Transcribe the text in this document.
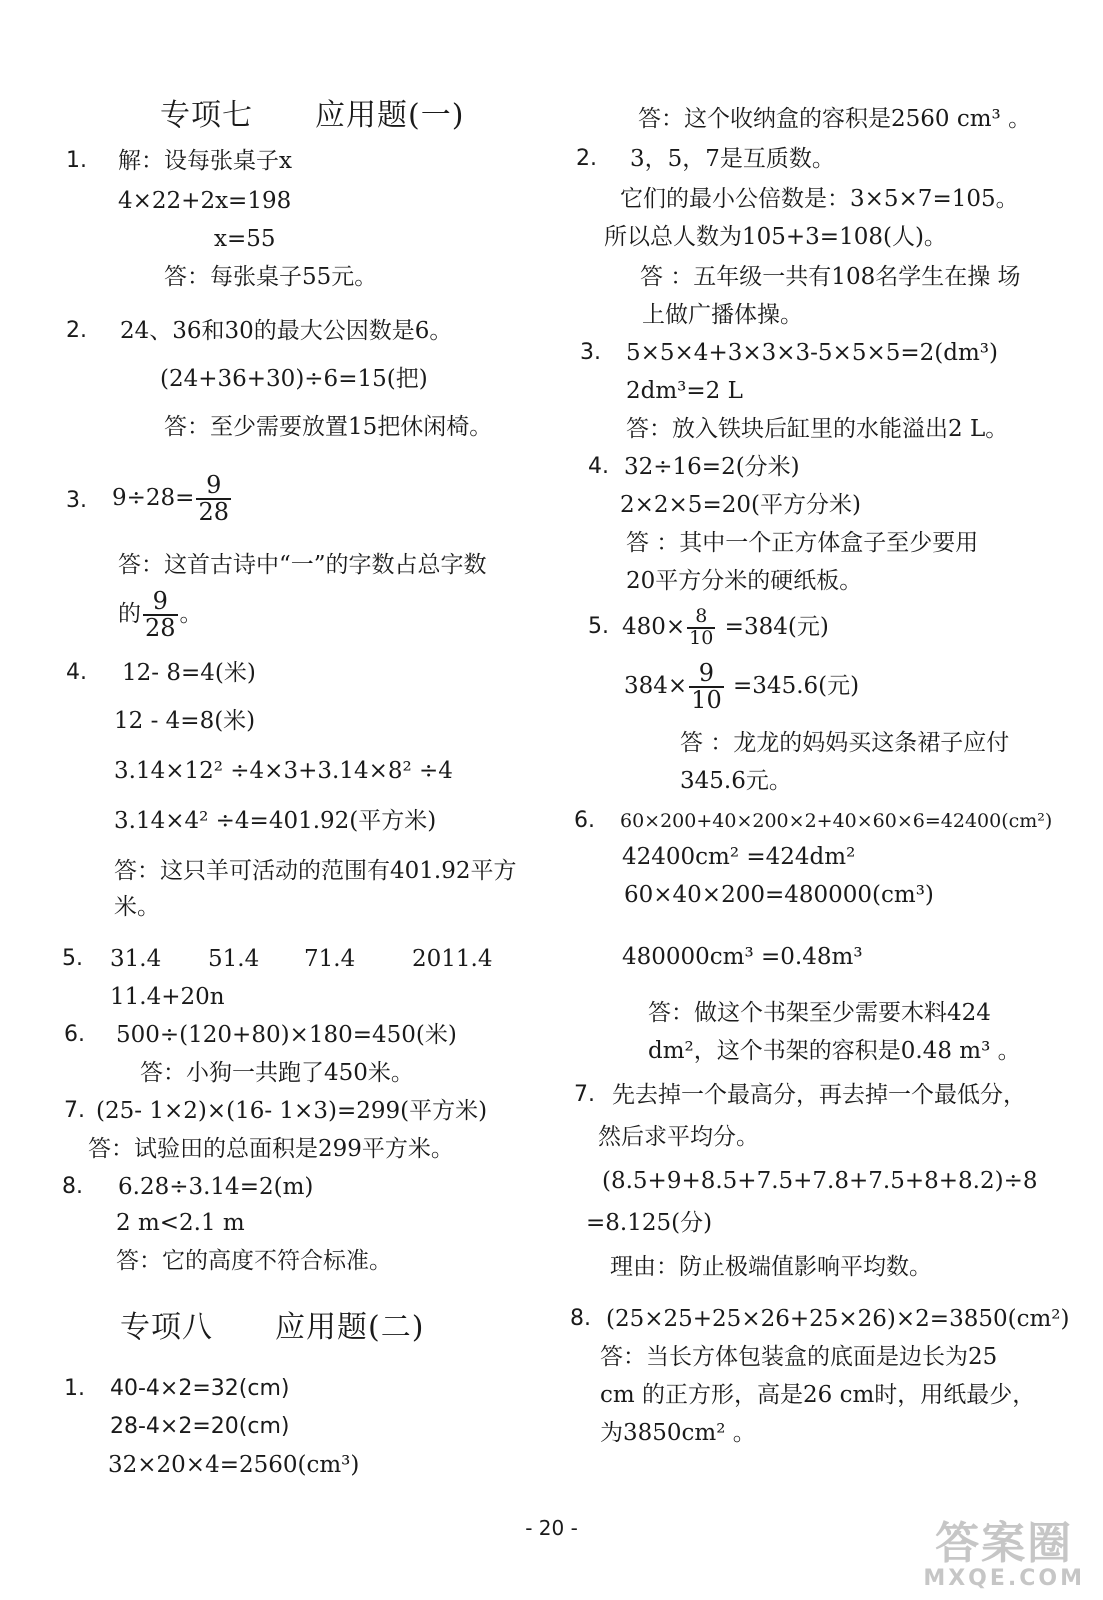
专项七　　应用题(一)
1. 解：设每张桌子x
4×22+2x=198
x=55
答：每张桌子55元。
2. 24、36和30的最大公因数是6。
(24+36+30)÷6=15(把)
答：至少需要放置15把休闲椅。
3. $9\div 28= \frac{9}{28}$
答：这首古诗中“一”的字数占总字数
的 $\frac{9}{28}$ 。
4. 12- 8=4(米)
12 - 4=8(米)
3.14×12² ÷4×3+3.14×8² ÷4
3.14×4² ÷4=401.92(平方米)
答：这只羊可活动的范围有401.92平方
米。
5. 31.4 51.4 71.4 2011.4
11.4+20n
6. 500÷(120+80)×180=450(米)
答：小狗一共跑了450米。
7. (25- 1×2)×(16- 1×3)=299(平方米)
答：试验田的总面积是299平方米。
8. 6.28÷3.14=2(m)
2 m<2.1 m
答：它的高度不符合标准。
专项八　　应用题(二)
1. 40-4×2=32(cm)
28-4×2=20(cm)
32×20×4=2560(cm³)
答：这个收纳盒的容积是2560 cm³ 。
2. 3，5，7是互质数。
它们的最小公倍数是：3×5×7=105。
所以总人数为105+3=108(人)。
答 ：五年级一共有108名学生在操 场
上做广播体操。
3. 5×5×4+3×3×3-5×5×5=2(dm³)
2dm³=2 L
答：放入铁块后缸里的水能溢出2 L。
4. 32÷16=2(分米)
2×2×5=20(平方分米)
答 ：其中一个正方体盒子至少要用
20平方分米的硬纸板。
5. $480\times \frac{8}{10} =384$(元)
$384\times \frac{9}{10} =345.6$(元)
答 ：龙龙的妈妈买这条裙子应付
345.6元。
6. 60×200+40×200×2+40×60×6=42400(cm²)
42400cm² =424dm²
60×40×200=480000(cm³)
480000cm³ =0.48m³
答：做这个书架至少需要木料424
dm²，这个书架的容积是0.48 m³ 。
7. 先去掉一个最高分，再去掉一个最低分，
然后求平均分。
(8.5+9+8.5+7.5+7.8+7.5+8+8.2)÷8
=8.125(分)
理由：防止极端值影响平均数。
8. (25×25+25×26+25×26)×2=3850(cm²)
答：当长方体包装盒的底面是边长为25
cm 的正方形，高是26 cm时，用纸最少，
为3850cm² 。
- 20 -	答案圈
MXQE.COM
